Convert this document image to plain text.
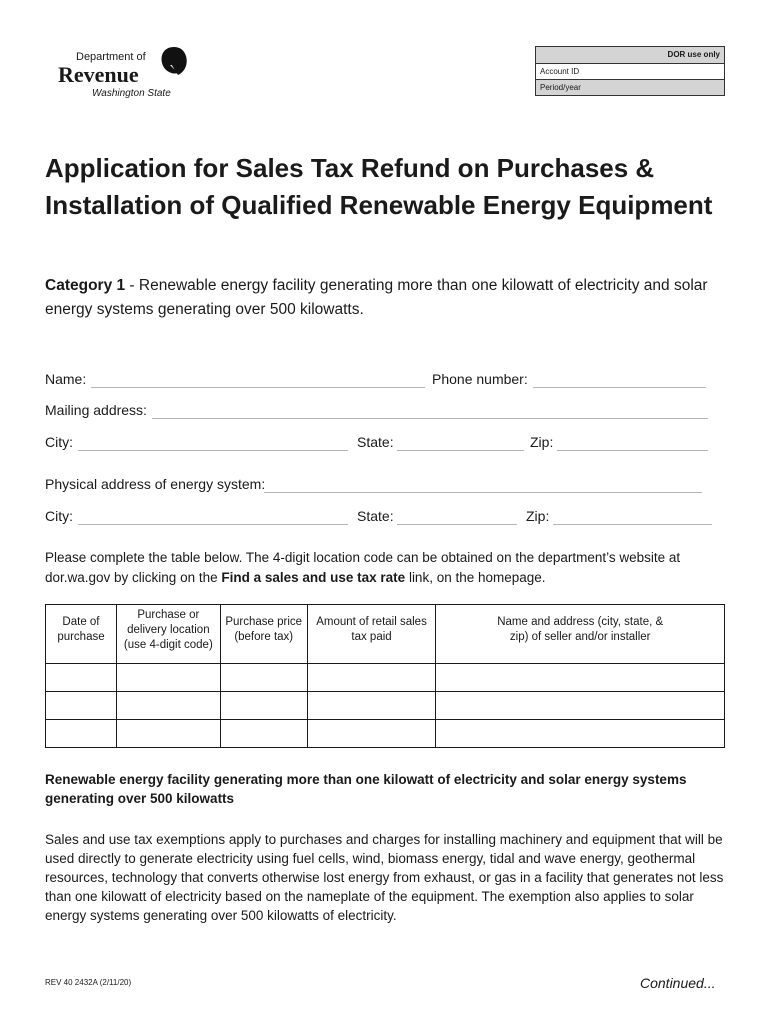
Department of
Revenue
Washington State
DOR use only
Account ID
Period/year
Application for Sales Tax Refund on Purchases & Installation of Qualified Renewable Energy Equipment
Category 1 - Renewable energy facility generating more than one kilowatt of electricity and solar energy systems generating over 500 kilowatts.
Name:	Phone number:
Mailing address:
City:	State:	Zip:
Physical address of energy system:
City:	State:	Zip:
Please complete the table below. The 4-digit location code can be obtained on the department’s website at dor.wa.gov by clicking on the Find a sales and use tax rate link, on the homepage.
Date of purchase	Purchase or delivery location (use 4-digit code)	Purchase price (before tax)	Amount of retail sales tax paid	Name and address (city, state, & zip) of seller and/or installer

Renewable energy facility generating more than one kilowatt of electricity and solar energy systems generating over 500 kilowatts
Sales and use tax exemptions apply to purchases and charges for installing machinery and equipment that will be used directly to generate electricity using fuel cells, wind, biomass energy, tidal and wave energy, geothermal resources, technology that converts otherwise lost energy from exhaust, or gas in a facility that generates not less than one kilowatt of electricity based on the nameplate of the equipment. The exemption also applies to solar energy systems generating over 500 kilowatts of electricity.
REV 40 2432A (2/11/20)	Continued...
